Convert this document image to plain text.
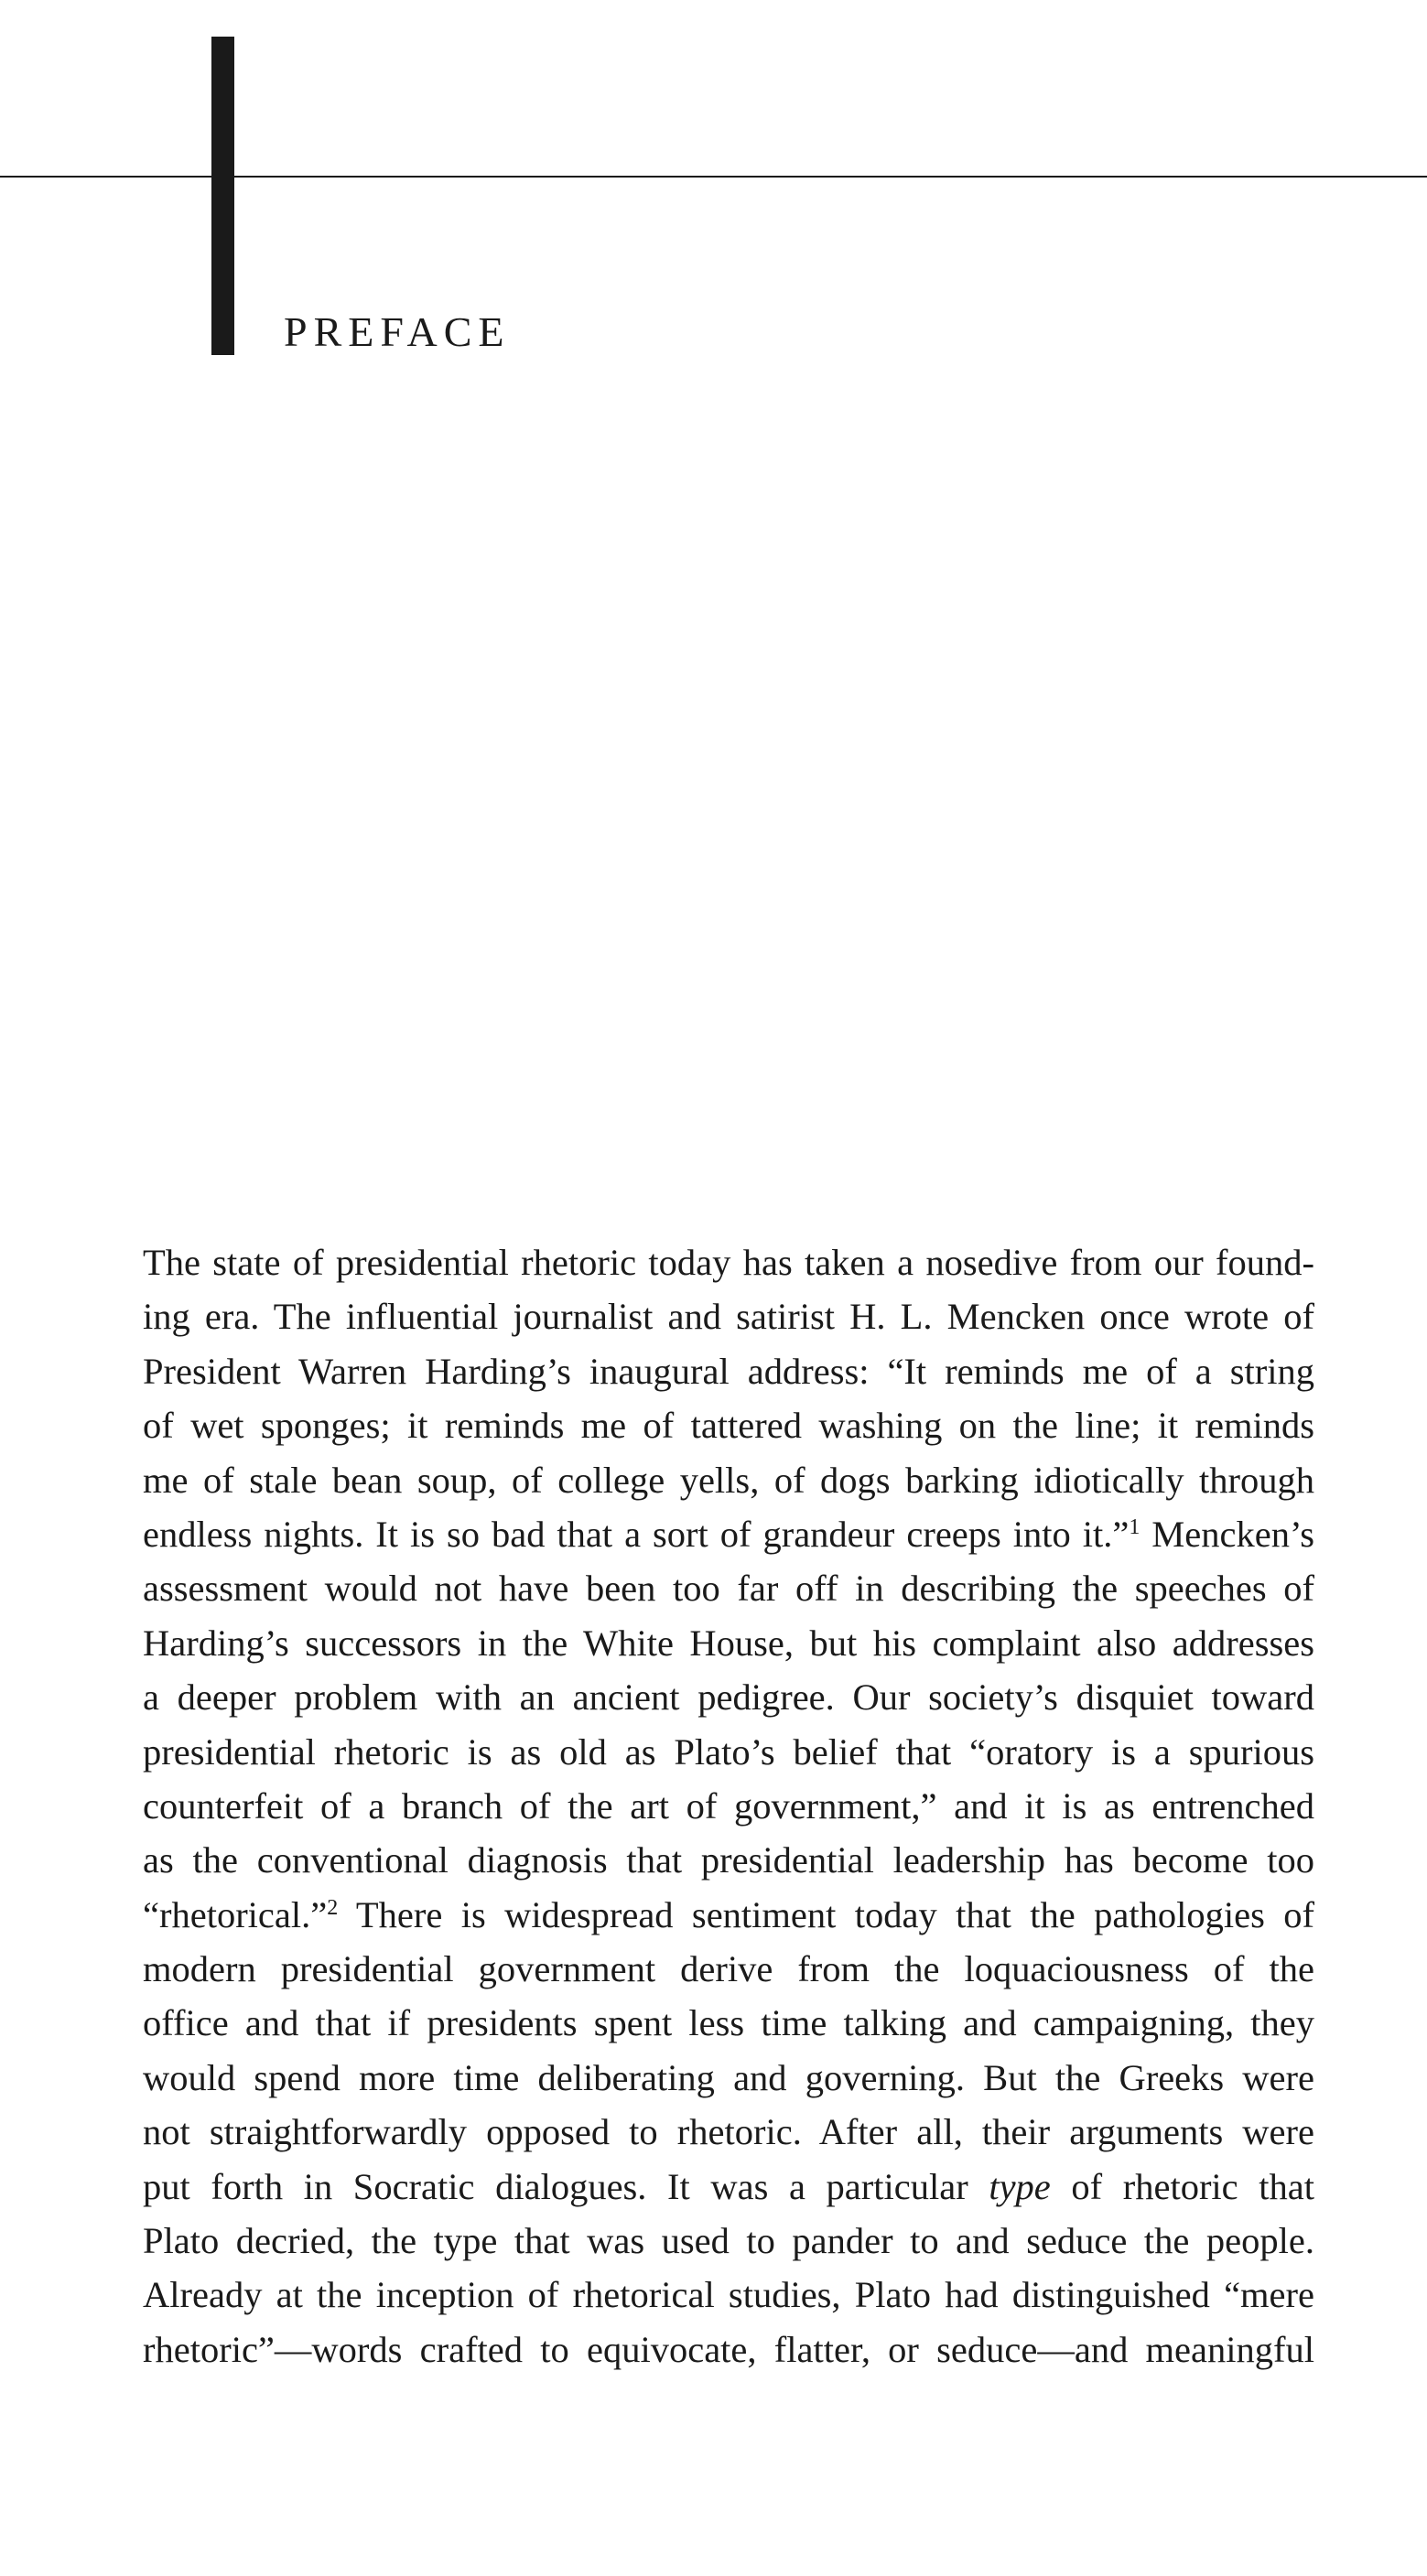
PREFACE
The state of presidential rhetoric today has taken a nosedive from our found-
ing era. The influential journalist and satirist H. L. Mencken once wrote of
President Warren Harding’s inaugural address: “It reminds me of a string
of wet sponges; it reminds me of tattered washing on the line; it reminds
me of stale bean soup, of college yells, of dogs barking idiotically through
endless nights. It is so bad that a sort of grandeur creeps into it.”$^1$ Mencken’s
assessment would not have been too far off in describing the speeches of
Harding’s successors in the White House, but his complaint also addresses
a deeper problem with an ancient pedigree. Our society’s disquiet toward
presidential rhetoric is as old as Plato’s belief that “oratory is a spurious
counterfeit of a branch of the art of government,” and it is as entrenched
as the conventional diagnosis that presidential leadership has become too
“rhetorical.”$^2$ There is widespread sentiment today that the pathologies of
modern presidential government derive from the loquaciousness of the
office and that if presidents spent less time talking and campaigning, they
would spend more time deliberating and governing. But the Greeks were
not straightforwardly opposed to rhetoric. After all, their arguments were
put forth in Socratic dialogues. It was a particular type of rhetoric that
Plato decried, the type that was used to pander to and seduce the people.
Already at the inception of rhetorical studies, Plato had distinguished “mere
rhetoric”—words crafted to equivocate, flatter, or seduce—and meaningful
